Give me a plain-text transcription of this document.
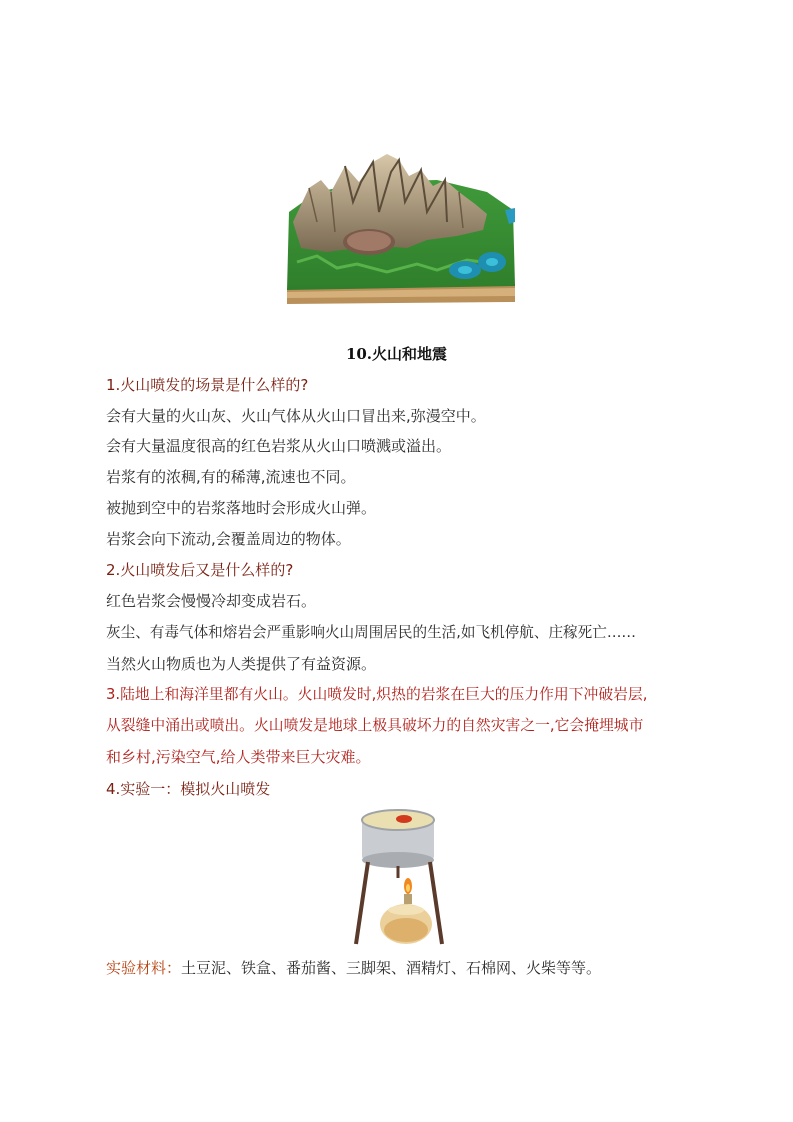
10.火山和地震
1.火山喷发的场景是什么样的?
会有大量的火山灰、火山气体从火山口冒出来,弥漫空中。
会有大量温度很高的红色岩浆从火山口喷溅或溢出。
岩浆有的浓稠,有的稀薄,流速也不同。
被抛到空中的岩浆落地时会形成火山弹。
岩浆会向下流动,会覆盖周边的物体。
2.火山喷发后又是什么样的?
红色岩浆会慢慢冷却变成岩石。
灰尘、有毒气体和熔岩会严重影响火山周围居民的生活,如飞机停航、庄稼死亡……
当然火山物质也为人类提供了有益资源。
3.陆地上和海洋里都有火山。火山喷发时,炽热的岩浆在巨大的压力作用下冲破岩层,
从裂缝中涌出或喷出。火山喷发是地球上极具破坏力的自然灾害之一,它会掩埋城市
和乡村,污染空气,给人类带来巨大灾难。
4.实验一：模拟火山喷发
实验材料：土豆泥、铁盒、番茄酱、三脚架、酒精灯、石棉网、火柴等等。
